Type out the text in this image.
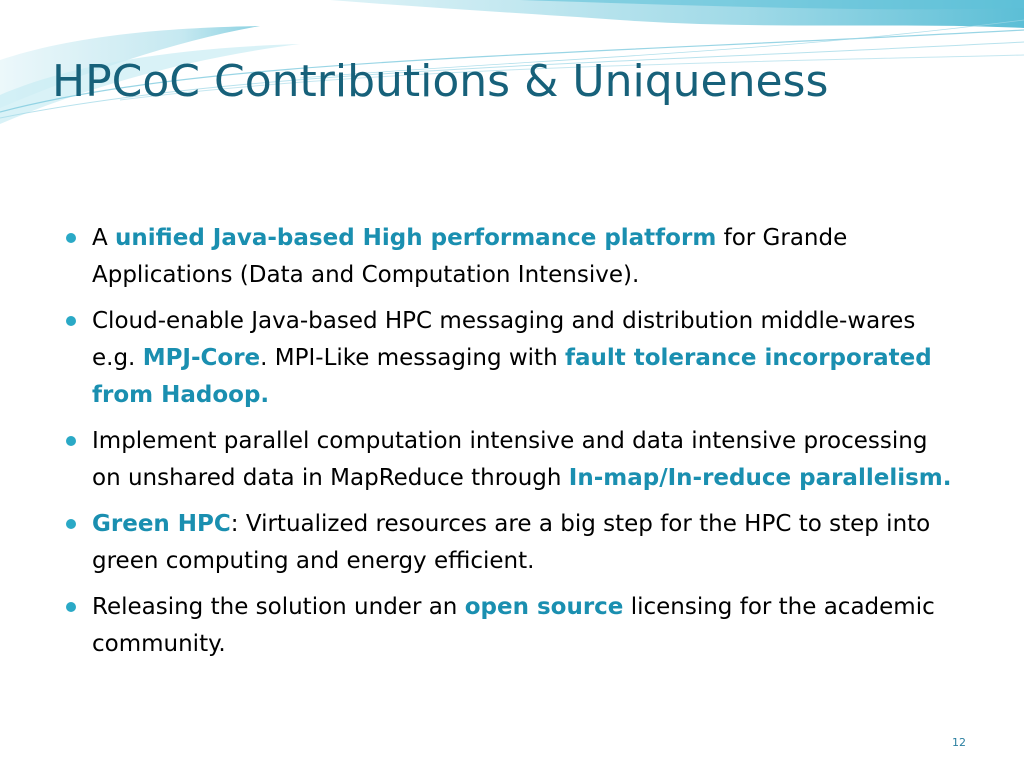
HPCoC Contributions & Uniqueness
A unified Java-based High performance platform for Grande Applications (Data and Computation Intensive).
Cloud-enable Java-based HPC messaging and distribution middle-wares e.g. MPJ-Core. MPI-Like messaging with fault tolerance incorporated from Hadoop.
Implement parallel computation intensive and data intensive processing on unshared data in MapReduce through In-map/In-reduce parallelism.
Green HPC: Virtualized resources are a big step for the HPC to step into green computing and energy efficient.
Releasing the solution under an open source licensing for the academic community.
12
